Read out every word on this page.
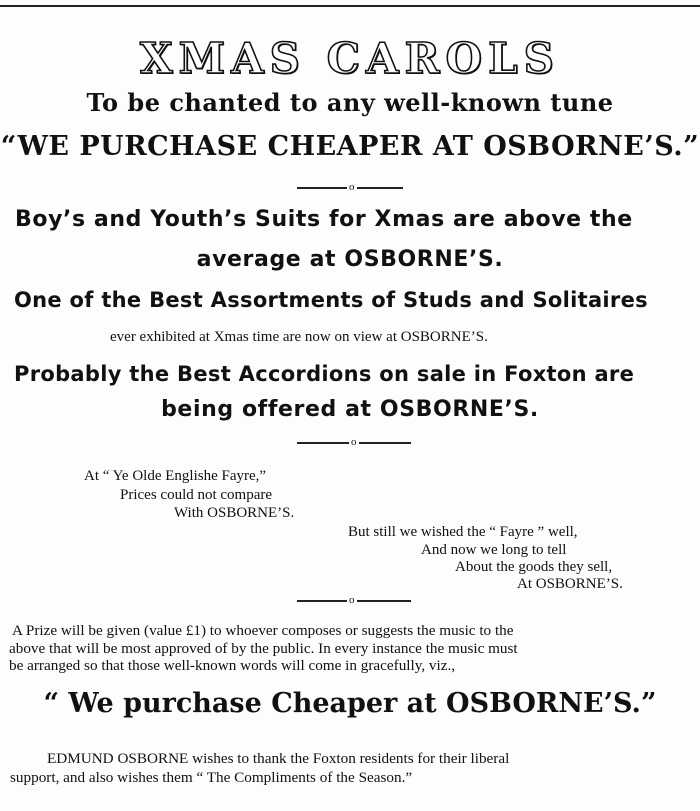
XMAS CAROLS
To be chanted to any well-known tune
“WE PURCHASE CHEAPER AT OSBORNE’S.”
o
Boy’s and Youth’s Suits for Xmas are above the
average at OSBORNE’S.
One of the Best Assortments of Studs and Solitaires
ever exhibited at Xmas time are now on view at OSBORNE’S.
Probably the Best Accordions on sale in Foxton are
being offered at OSBORNE’S.
o
At “ Ye Olde Englishe Fayre,”
Prices could not compare
With OSBORNE’S.
But still we wished the “ Fayre ” well,
And now we long to tell
About the goods they sell,
At OSBORNE’S.
o
A Prize will be given (value £1) to whoever composes or suggests the music to the
above that will be most approved of by the public. In every instance the music must
be arranged so that those well-known words will come in gracefully, viz.,
“ We purchase Cheaper at OSBORNE’S.”
EDMUND OSBORNE wishes to thank the Foxton residents for their liberal
support, and also wishes them “ The Compliments of the Season.”
